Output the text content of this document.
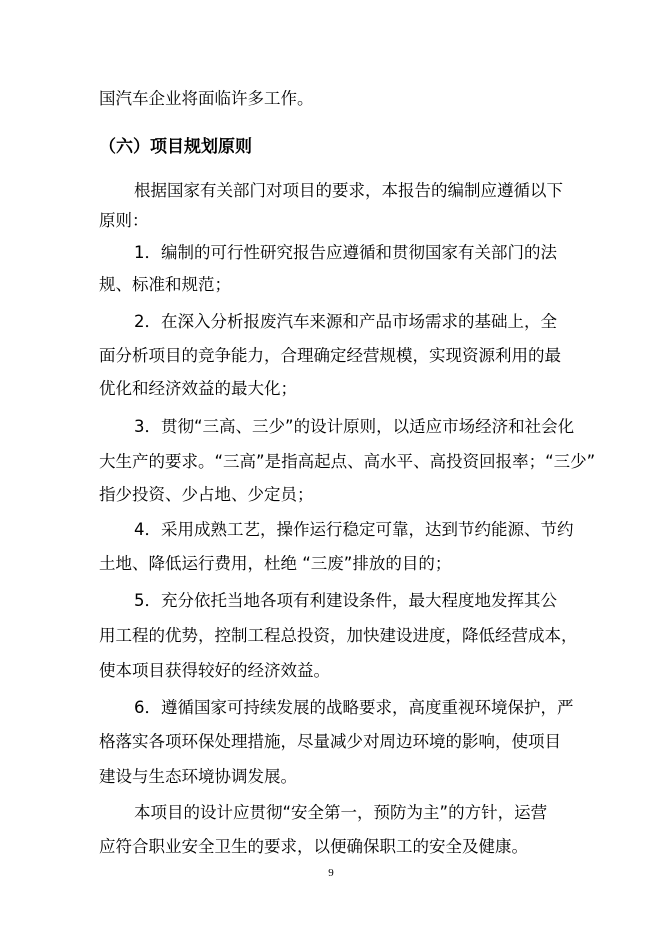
国汽车企业将面临许多工作。
（六）项目规划原则
根据国家有关部门对项目的要求，本报告的编制应遵循以下
原则：
1．编制的可行性研究报告应遵循和贯彻国家有关部门的法
规、标准和规范；
2．在深入分析报废汽车来源和产品市场需求的基础上，全
面分析项目的竞争能力，合理确定经营规模，实现资源利用的最
优化和经济效益的最大化；
3．贯彻“三高、三少”的设计原则，以适应市场经济和社会化
大生产的要求。“三高”是指高起点、高水平、高投资回报率；“三少”
指少投资、少占地、少定员；
4．采用成熟工艺，操作运行稳定可靠，达到节约能源、节约
土地、降低运行费用，杜绝 “三废”排放的目的；
5．充分依托当地各项有利建设条件，最大程度地发挥其公
用工程的优势，控制工程总投资，加快建设进度，降低经营成本，
使本项目获得较好的经济效益。
6．遵循国家可持续发展的战略要求，高度重视环境保护，严
格落实各项环保处理措施，尽量减少对周边环境的影响，使项目
建设与生态环境协调发展。
本项目的设计应贯彻“安全第一，预防为主”的方针，运营
应符合职业安全卫生的要求，以便确保职工的安全及健康。
9
